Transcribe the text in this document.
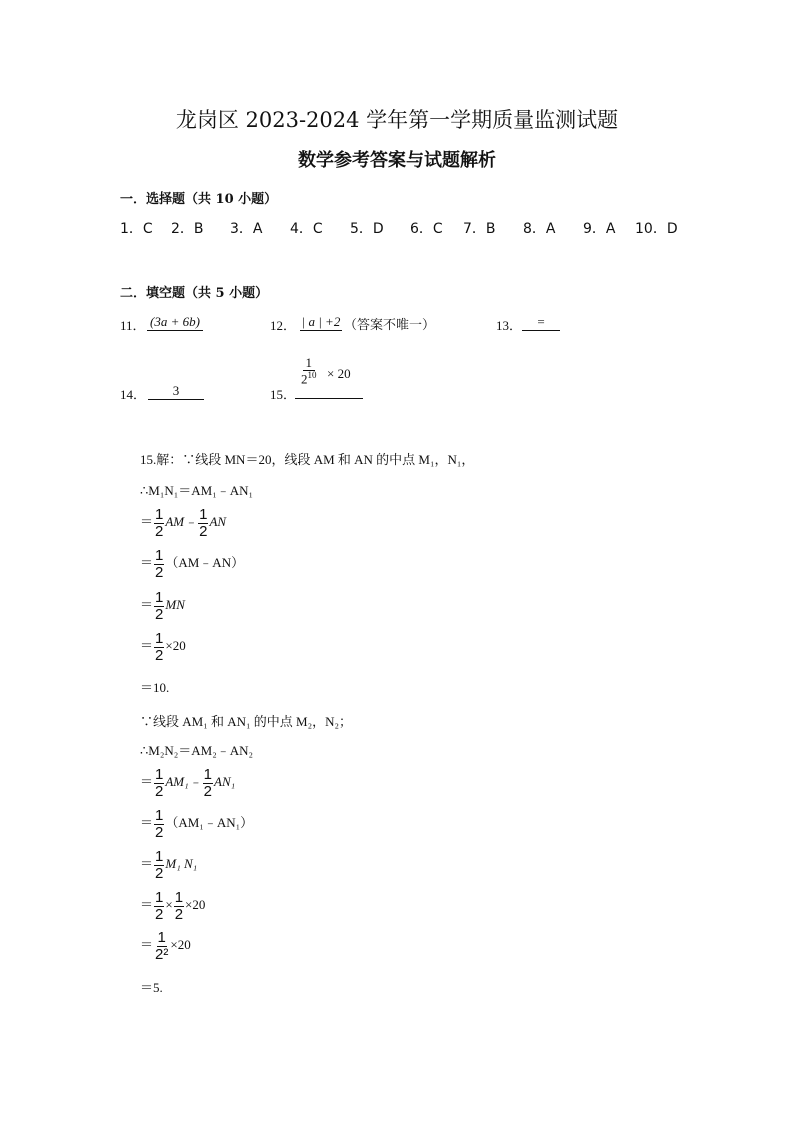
龙岗区 2023-2024 学年第一学期质量监测试题
数学参考答案与试题解析
一．选择题（共 10 小题）
1．C 2．B 3．A 4．C 5．D 6．C 7．B 8．A 9．A 10．D
二．填空题（共 5 小题）
11． (3a + 6b)	12． | a | +2 （答案不唯一）	13．	=
14．	3	15．
$\frac{1}{2^{10}} \times 20$
15.解：∵线段 MN＝20，线段 AM 和 AN 的中点 M₁，N₁，
∴M₁N₁＝AM₁﹣AN₁
＝ $\frac{1}{2}$ AM﹣ $\frac{1}{2}$ AN
＝ $\frac{1}{2}$ （AM﹣AN）
＝ $\frac{1}{2}$ MN
＝ $\frac{1}{2} \times 20$
＝10.
∵线段 AM₁ 和 AN₁ 的中点 M₂，N₂；
∴M₂N₂＝AM₂﹣AN₂
＝ $\frac{1}{2}$ AM₁﹣ $\frac{1}{2} AN_1$
＝ $\frac{1}{2}$ （AM₁﹣AN₁）
＝ $\frac{1}{2} M_1$ N₁
＝ $\frac{1}{2} \times \frac{1}{2} \times 20$
＝ $\frac{1}{\text{2²}} \times 20$
＝5.
